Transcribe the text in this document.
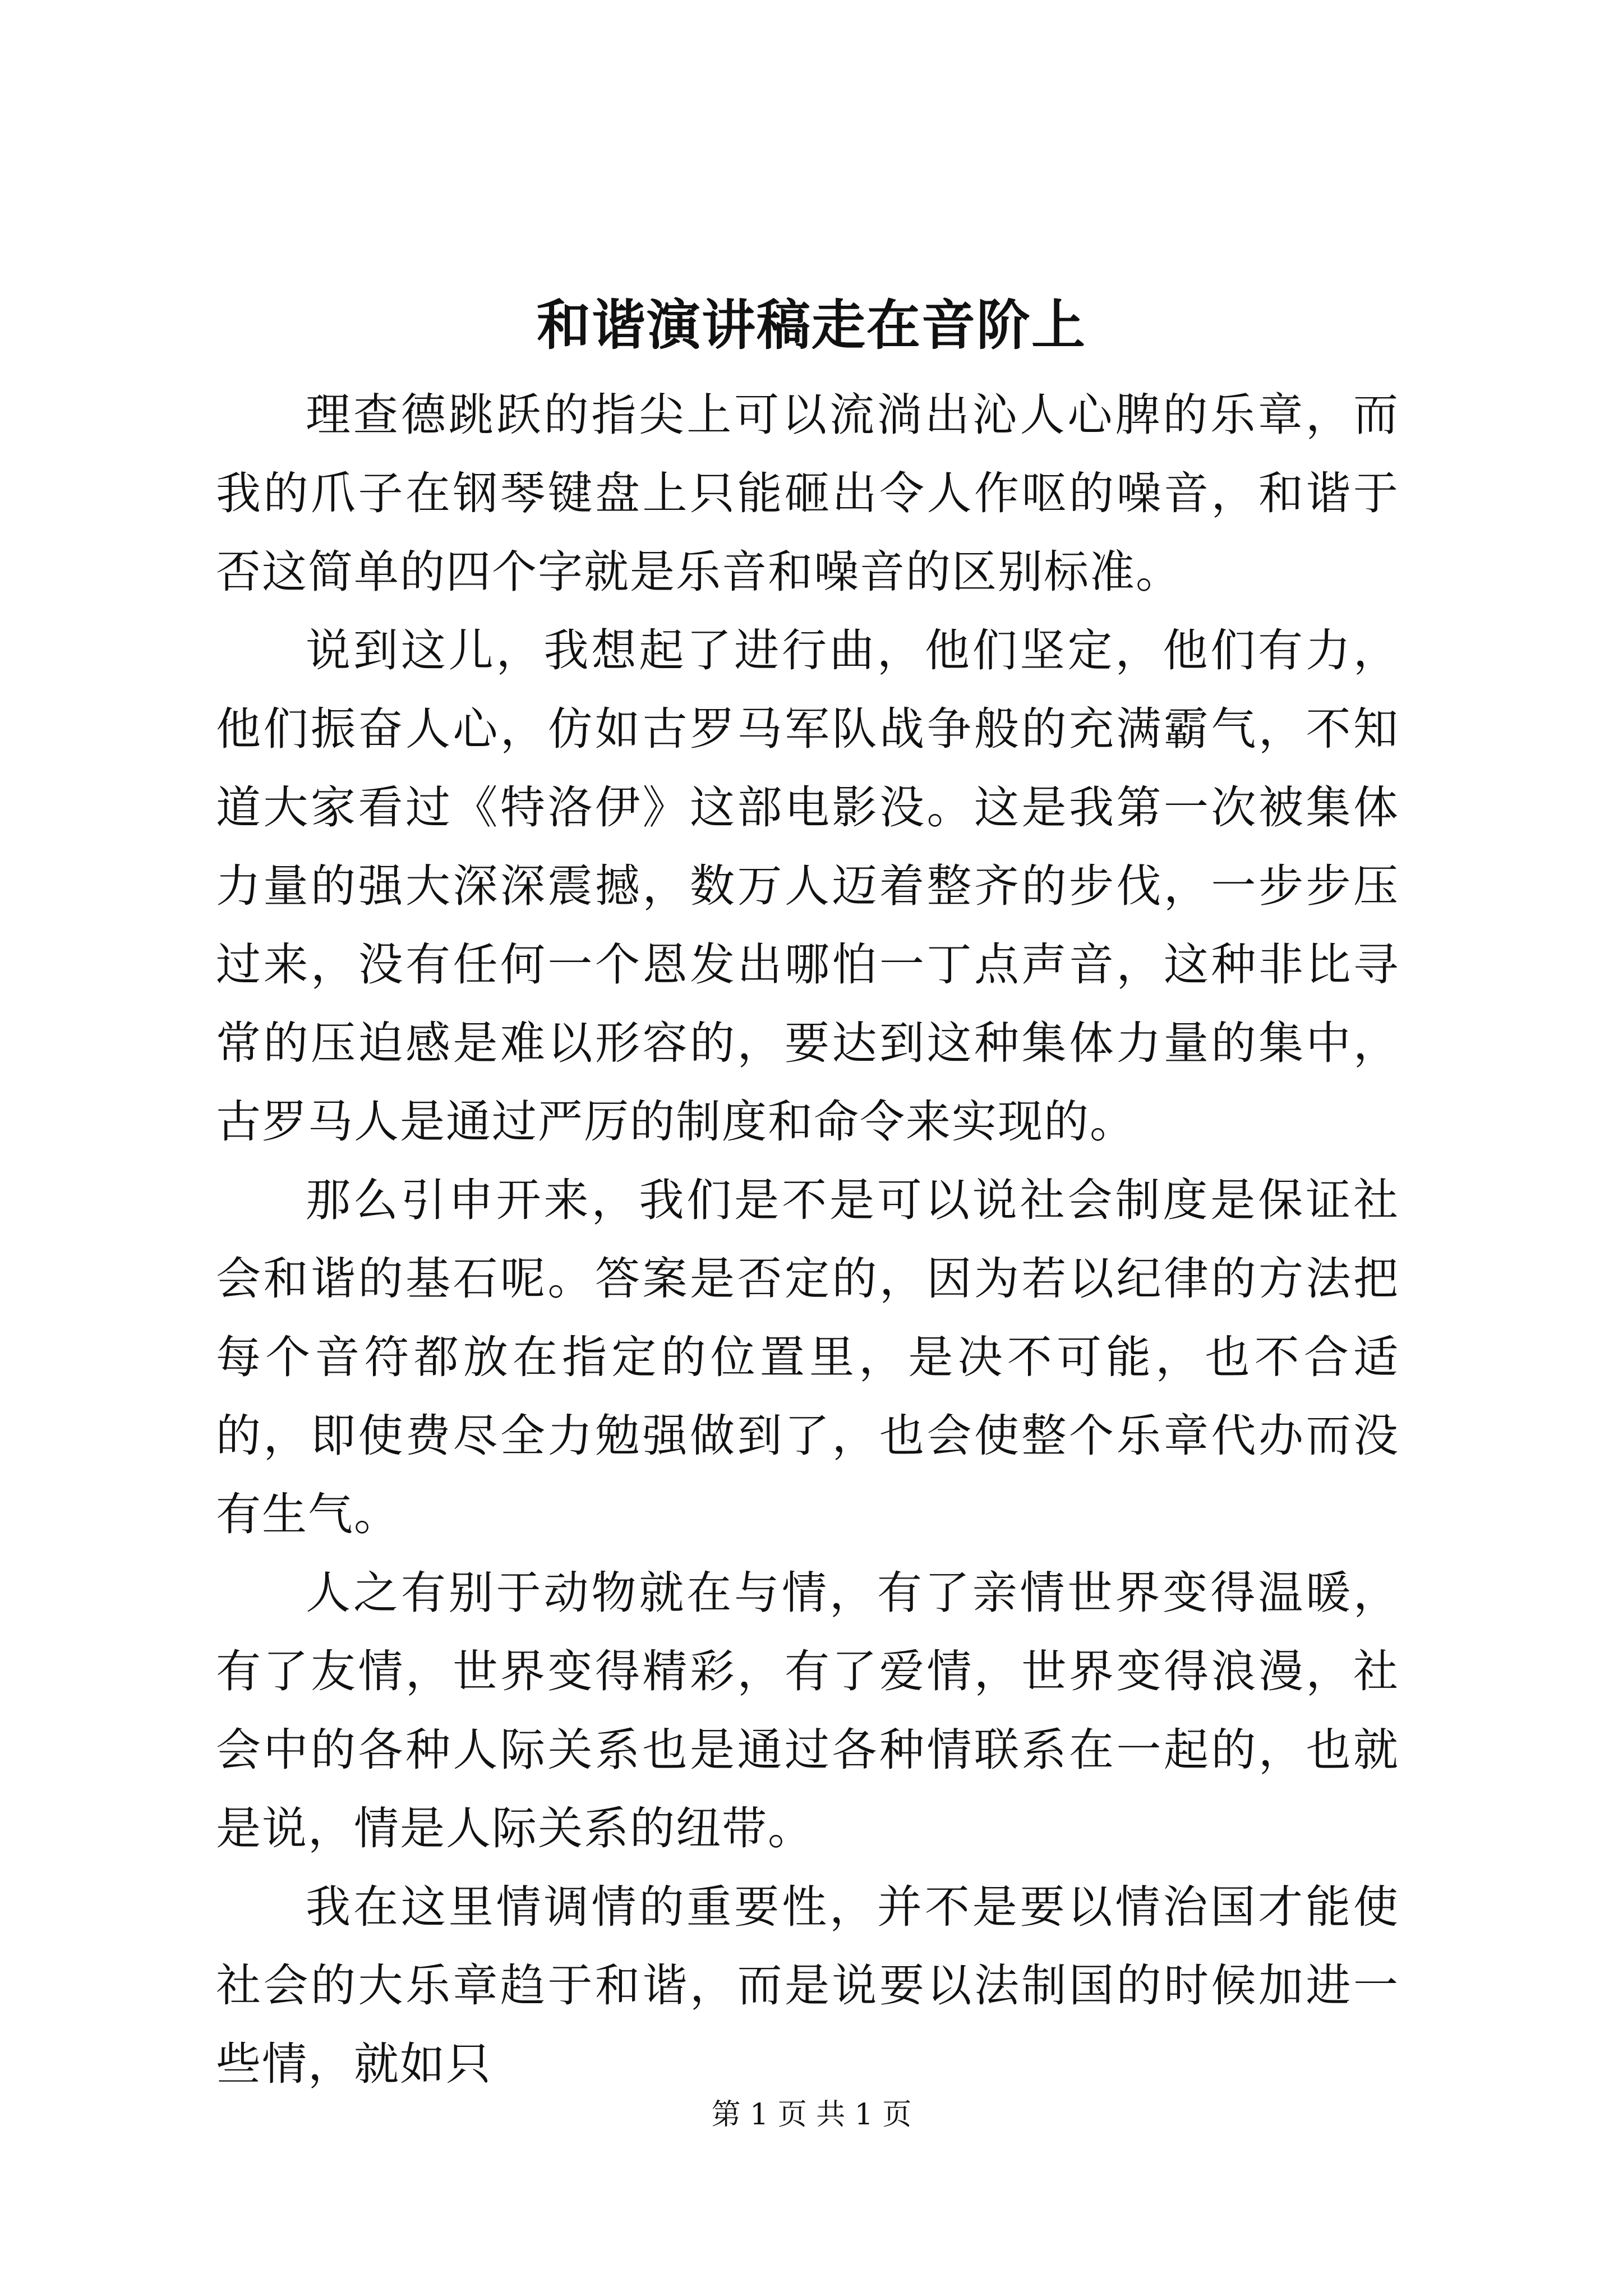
和谐演讲稿走在音阶上

理查德跳跃的指尖上可以流淌出沁人心脾的乐章，而我的爪子在钢琴键盘上只能砸出令人作呕的噪音，和谐于否这简单的四个字就是乐音和噪音的区别标准。

说到这儿，我想起了进行曲，他们坚定，他们有力，他们振奋人心，仿如古罗马军队战争般的充满霸气，不知道大家看过《特洛伊》这部电影没。这是我第一次被集体力量的强大深深震撼，数万人迈着整齐的步伐，一步步压过来，没有任何一个恩发出哪怕一丁点声音，这种非比寻常的压迫感是难以形容的，要达到这种集体力量的集中，古罗马人是通过严厉的制度和命令来实现的。

那么引申开来，我们是不是可以说社会制度是保证社会和谐的基石呢。答案是否定的，因为若以纪律的方法把每个音符都放在指定的位置里，是决不可能，也不合适的，即使费尽全力勉强做到了，也会使整个乐章代办而没有生气。

人之有别于动物就在与情，有了亲情世界变得温暖，有了友情，世界变得精彩，有了爱情，世界变得浪漫，社会中的各种人际关系也是通过各种情联系在一起的，也就是说，情是人际关系的纽带。

我在这里情调情的重要性，并不是要以情治国才能使社会的大乐章趋于和谐，而是说要以法制国的时候加进一些情，就如只

第 1 页 共 1 页
